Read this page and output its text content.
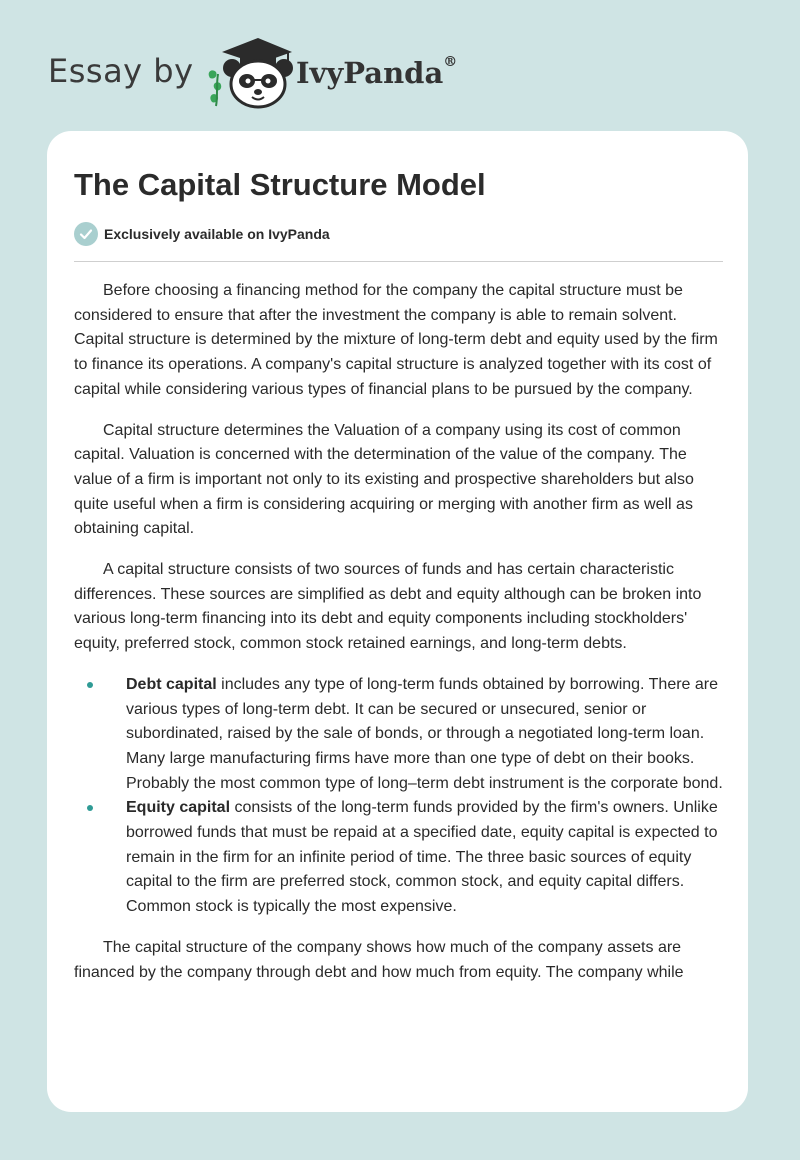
Essay by	IvyPanda®
The Capital Structure Model
Exclusively available on IvyPanda

Before choosing a financing method for the company the capital structure must be considered to ensure that after the investment the company is able to remain solvent. Capital structure is determined by the mixture of long-term debt and equity used by the firm to finance its operations. A company's capital structure is analyzed together with its cost of capital while considering various types of financial plans to be pursued by the company.

Capital structure determines the Valuation of a company using its cost of common capital. Valuation is concerned with the determination of the value of the company. The value of a firm is important not only to its existing and prospective shareholders but also quite useful when a firm is considering acquiring or merging with another firm as well as obtaining capital.

A capital structure consists of two sources of funds and has certain characteristic differences. These sources are simplified as debt and equity although can be broken into various long-term financing into its debt and equity components including stockholders' equity, preferred stock, common stock retained earnings, and long-term debts.

Debt capital includes any type of long-term funds obtained by borrowing. There are various types of long-term debt. It can be secured or unsecured, senior or subordinated, raised by the sale of bonds, or through a negotiated long-term loan. Many large manufacturing firms have more than one type of debt on their books. Probably the most common type of long–term debt instrument is the corporate bond.
Equity capital consists of the long-term funds provided by the firm's owners. Unlike borrowed funds that must be repaid at a specified date, equity capital is expected to remain in the firm for an infinite period of time. The three basic sources of equity capital to the firm are preferred stock, common stock, and equity capital differs. Common stock is typically the most expensive.

The capital structure of the company shows how much of the company assets are financed by the company through debt and how much from equity. The company while
